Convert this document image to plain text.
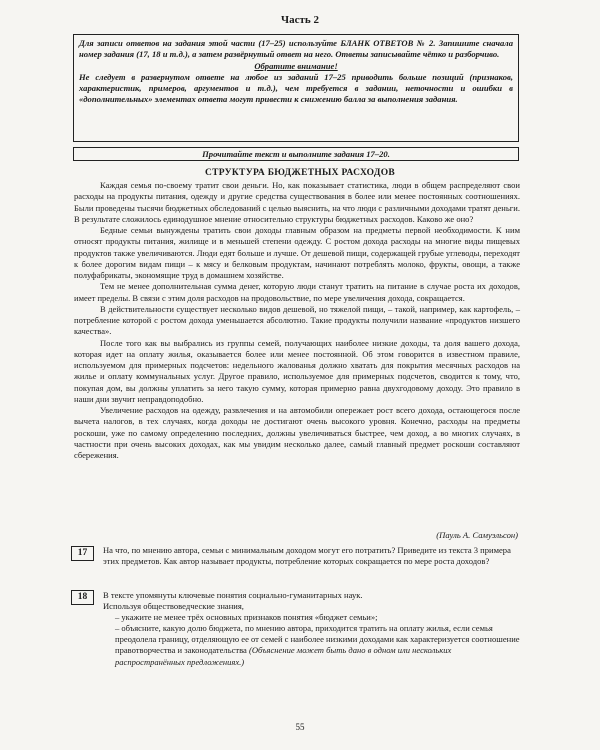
Часть 2

Для записи ответов на задания этой части (17–25) используйте БЛАНК ОТВЕТОВ № 2. Запишите сначала номер задания (17, 18 и т.д.), а затем развёрнутый ответ на него. Ответы записывайте чётко и разборчиво.

Обратите внимание!

Не следует в развернутом ответе на любое из заданий 17–25 приводить больше позиций (признаков, характеристик, примеров, аргументов и т.д.), чем требуется в задании, неточности и ошибки в «дополнительных» элементах ответа могут привести к снижению балла за выполнения задания.

Прочитайте текст и выполните задания 17–20.
СТРУКТУРА БЮДЖЕТНЫХ РАСХОДОВ

Каждая семья по-своему тратит свои деньги. Но, как показывает статистика, люди в общем распределяют свои расходы на продукты питания, одежду и другие средства существования в более или менее постоянных соотношениях. Были проведены тысячи бюджетных обследований с целью выяснить, на что люди с различными доходами тратят деньги. В результате сложилось единодушное мнение относительно структуры бюджетных расходов. Каково же оно?

Бедные семьи вынуждены тратить свои доходы главным образом на предметы первой необходимости. К ним относят продукты питания, жилище и в меньшей степени одежду. С ростом дохода расходы на многие виды пищевых продуктов также увеличиваются. Люди едят больше и лучше. От дешевой пищи, содержащей грубые углеводы, переходят к более дорогим видам пищи – к мясу и белковым продуктам, начинают потреблять молоко, фрукты, овощи, а также полуфабрикаты, экономящие труд в домашнем хозяйстве.

Тем не менее дополнительная сумма денег, которую люди станут тратить на питание в случае роста их доходов, имеет пределы. В связи с этим доля расходов на продовольствие, по мере увеличения дохода, сокращается.

В действительности существует несколько видов дешевой, но тяжелой пищи, – такой, например, как картофель, – потребление которой с ростом дохода уменьшается абсолютно. Такие продукты получили название «продуктов низшего качества».

После того как вы выбрались из группы семей, получающих наиболее низкие доходы, та доля вашего дохода, которая идет на оплату жилья, оказывается более или менее постоянной. Об этом говорится в известном правиле, используемом для примерных подсчетов: недельного жалованья должно хватать для покрытия месячных расходов на жилье и оплату коммунальных услуг. Другое правило, используемое для примерных подсчетов, сводится к тому, что, покупая дом, вы должны уплатить за него такую сумму, которая примерно равна двухгодовому доходу. Это правило в наши дни звучит неправдоподобно.

Увеличение расходов на одежду, развлечения и на автомобили опережает рост всего дохода, остающегося после вычета налогов, в тех случаях, когда доходы не достигают очень высокого уровня. Конечно, расходы на предметы роскоши, уже по самому определению последних, должны увеличиваться быстрее, чем доход, а во многих случаях, в частности при очень высоких доходах, как мы увидим несколько далее, самый главный предмет роскоши составляют сбережения.

(Пауль А. Самуэльсон)
17	На что, по мнению автора, семьи с минимальным доходом могут его потратить? Приведите из текста 3 примера этих предметов. Как автор называет продукты, потребление которых сокращается по мере роста доходов?

18	В тексте упомянуты ключевые понятия социально-гуманитарных наук.

Используя обществоведческие знания,

– укажите не менее трёх основных признаков понятия «бюджет семьи»;

– объясните, какую долю бюджета, по мнению автора, приходится тратить на оплату жилья, если семья преодолела границу, отделяющую ее от семей с наиболее низкими доходами как характеризуется соотношение правотворчества и законодательства (Объяснение может быть дано в одном или нескольких распространённых предложениях.)

55
